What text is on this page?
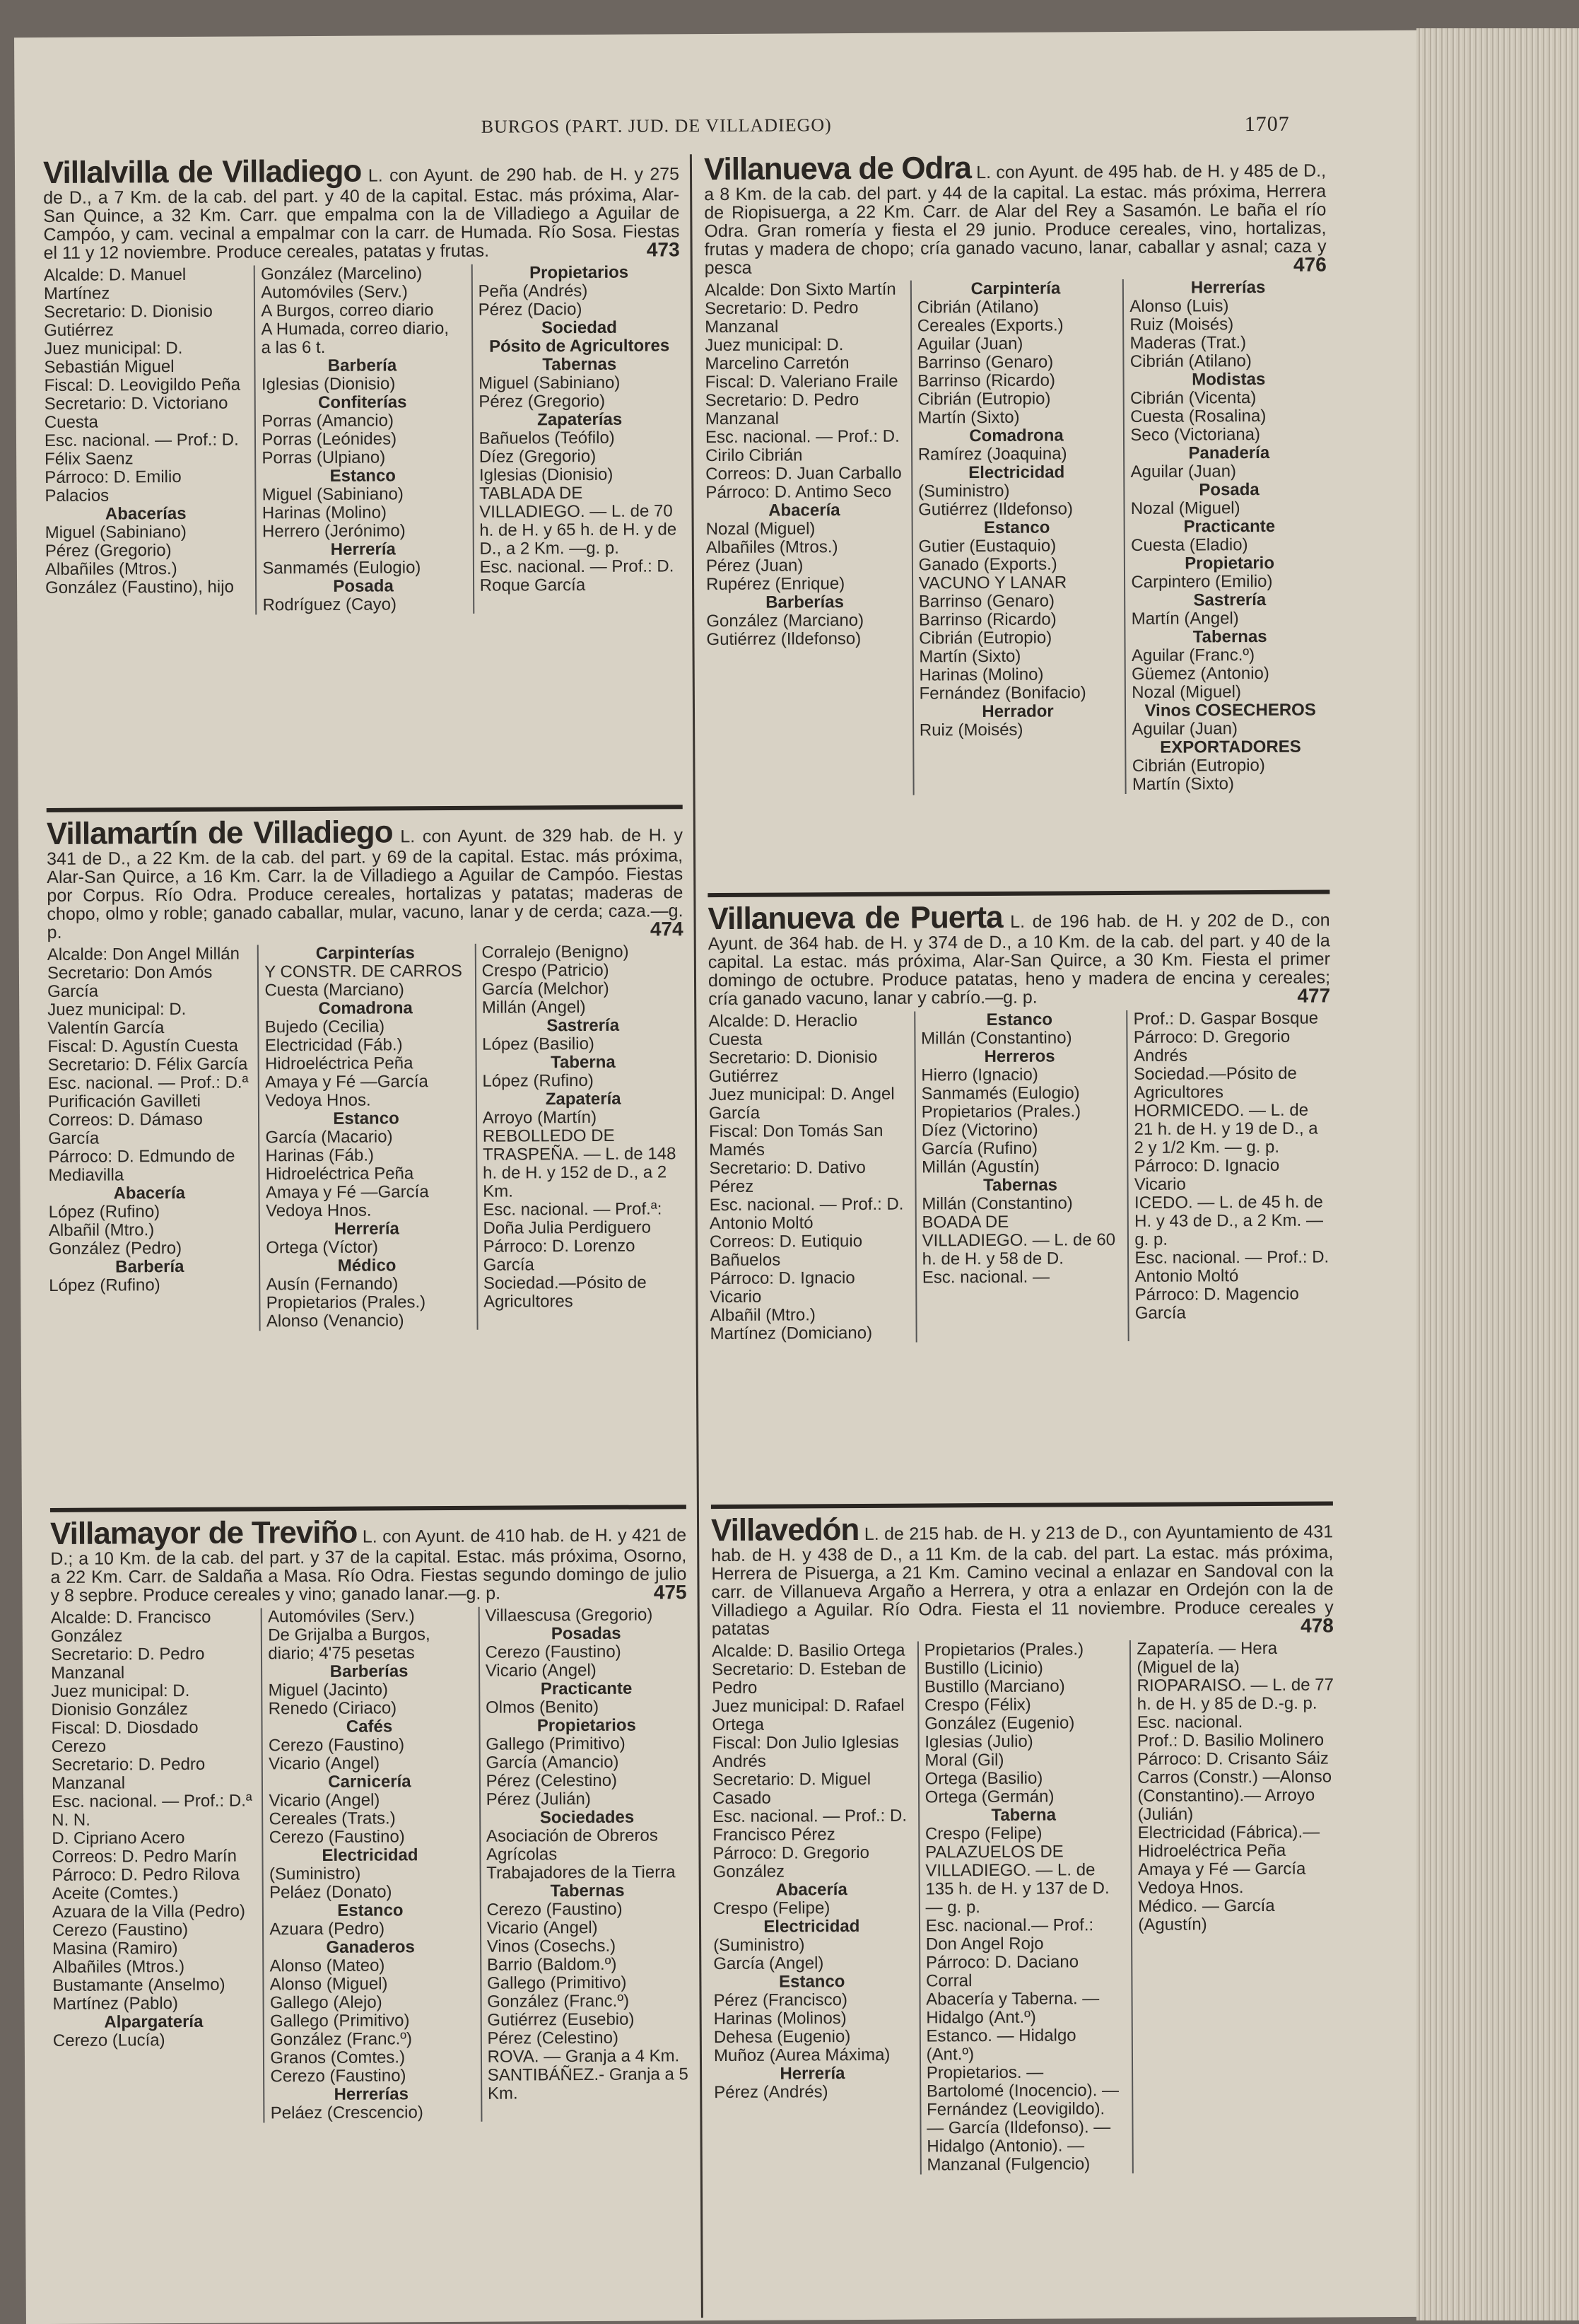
BURGOS (PART. JUD. DE VILLADIEGO)	1707
Villalvilla de Villadiego L. con Ayunt. de 290 hab. de H. y 275 de D., a 7 Km. de la cab. del part. y 40 de la capital. Estac. más próxima, Alar-San Quince, a 32 Km. Carr. que empalma con la de Villadiego a Aguilar de Campóo, y cam. vecinal a empalmar con la carr. de Humada. Río Sosa. Fiestas el 11 y 12 noviembre. Produce cereales, patatas y frutas.	473
Alcalde: D. Manuel Martínez
Secretario: D. Dionisio Gutiérrez
Juez municipal: D. Sebastián Miguel
Fiscal: D. Leovigildo Peña
Secretario: D. Victoriano Cuesta
Esc. nacional. — Prof.: D. Félix Saenz
Párroco: D. Emilio Palacios
Abacerías
Miguel (Sabiniano)
Pérez (Gregorio)
Albañiles (Mtros.)
González (Faustino), hijo
González (Marcelino)
Automóviles (Serv.)
A Burgos, correo diario
A Humada, correo diario, a las 6 t.
Barbería
Iglesias (Dionisio)
Confiterías
Porras (Amancio)
Porras (Leónides)
Porras (Ulpiano)
Estanco
Miguel (Sabiniano)
Harinas (Molino)
Herrero (Jerónimo)
Herrería
Sanmamés (Eulogio)
Posada
Rodríguez (Cayo)
Propietarios
Peña (Andrés)
Pérez (Dacio)
Sociedad
Pósito de Agricultores
Tabernas
Miguel (Sabiniano)
Pérez (Gregorio)
Zapaterías
Bañuelos (Teófilo)
Díez (Gregorio)
Iglesias (Dionisio)
TABLADA DE VILLADIEGO. — L. de 70 h. de H. y 65 h. de H. y de D., a 2 Km. —g. p.
Esc. nacional. — Prof.: D. Roque García
Villamartín de Villadiego L. con Ayunt. de 329 hab. de H. y 341 de D., a 22 Km. de la cab. del part. y 69 de la capital. Estac. más próxima, Alar-San Quirce, a 16 Km. Carr. la de Villadiego a Aguilar de Campóo. Fiestas por Corpus. Río Odra. Produce cereales, hortalizas y patatas; maderas de chopo, olmo y roble; ganado caballar, mular, vacuno, lanar y de cerda; caza.—g. p.	474
Alcalde: Don Angel Millán
Secretario: Don Amós García
Juez municipal: D. Valentín García
Fiscal: D. Agustín Cuesta
Secretario: D. Félix García
Esc. nacional. — Prof.: D.ª Purificación Gavilleti
Correos: D. Dámaso García
Párroco: D. Edmundo de Mediavilla
Abacería
López (Rufino)
Albañil (Mtro.)
González (Pedro)
Barbería
López (Rufino)
Carpinterías
Y CONSTR. DE CARROS
Cuesta (Marciano)
Comadrona
Bujedo (Cecilia)
Electricidad (Fáb.)
Hidroeléctrica Peña Amaya y Fé —García Vedoya Hnos.
Estanco
García (Macario)
Harinas (Fáb.)
Hidroeléctrica Peña Amaya y Fé —García Vedoya Hnos.
Herrería
Ortega (Víctor)
Médico
Ausín (Fernando)
Propietarios (Prales.)
Alonso (Venancio)
Corralejo (Benigno)
Crespo (Patricio)
García (Melchor)
Millán (Angel)
Sastrería
López (Basilio)
Taberna
López (Rufino)
Zapatería
Arroyo (Martín)
REBOLLEDO DE TRASPEÑA. — L. de 148 h. de H. y 152 de D., a 2 Km.
Esc. nacional. — Prof.ª: Doña Julia Perdiguero
Párroco: D. Lorenzo García
Sociedad.—Pósito de Agricultores
Villamayor de Treviño L. con Ayunt. de 410 hab. de H. y 421 de D.; a 10 Km. de la cab. del part. y 37 de la capital. Estac. más próxima, Osorno, a 22 Km. Carr. de Saldaña a Masa. Río Odra. Fiestas segundo domingo de julio y 8 sepbre. Produce cereales y vino; ganado lanar.—g. p.	475
Alcalde: D. Francisco González
Secretario: D. Pedro Manzanal
Juez municipal: D. Dionisio González
Fiscal: D. Diosdado Cerezo
Secretario: D. Pedro Manzanal
Esc. nacional. — Prof.: D.ª N. N.
D. Cipriano Acero
Correos: D. Pedro Marín
Párroco: D. Pedro Rilova
Aceite (Comtes.)
Azuara de la Villa (Pedro)
Cerezo (Faustino)
Masina (Ramiro)
Albañiles (Mtros.)
Bustamante (Anselmo)
Martínez (Pablo)
Alpargatería
Cerezo (Lucía)
Automóviles (Serv.)
De Grijalba a Burgos, diario; 4'75 pesetas
Barberías
Miguel (Jacinto)
Renedo (Ciriaco)
Cafés
Cerezo (Faustino)
Vicario (Angel)
Carnicería
Vicario (Angel)
Cereales (Trats.)
Cerezo (Faustino)
Electricidad
(Suministro)
Peláez (Donato)
Estanco
Azuara (Pedro)
Ganaderos
Alonso (Mateo)
Alonso (Miguel)
Gallego (Alejo)
Gallego (Primitivo)
González (Franc.º)
Granos (Comtes.)
Cerezo (Faustino)
Herrerías
Peláez (Crescencio)
Villaescusa (Gregorio)
Posadas
Cerezo (Faustino)
Vicario (Angel)
Practicante
Olmos (Benito)
Propietarios
Gallego (Primitivo)
García (Amancio)
Pérez (Celestino)
Pérez (Julián)
Sociedades
Asociación de Obreros Agrícolas
Trabajadores de la Tierra
Tabernas
Cerezo (Faustino)
Vicario (Angel)
Vinos (Cosechs.)
Barrio (Baldom.º)
Gallego (Primitivo)
González (Franc.º)
Gutiérrez (Eusebio)
Pérez (Celestino)
ROVA. — Granja a 4 Km.
SANTIBÁÑEZ.- Granja a 5 Km.
Villanueva de Odra L. con Ayunt. de 495 hab. de H. y 485 de D., a 8 Km. de la cab. del part. y 44 de la capital. La estac. más próxima, Herrera de Riopisuerga, a 22 Km. Carr. de Alar del Rey a Sasamón. Le baña el río Odra. Gran romería y fiesta el 29 junio. Produce cereales, vino, hortalizas, frutas y madera de chopo; cría ganado vacuno, lanar, caballar y asnal; caza y pesca	476
Alcalde: Don Sixto Martín
Secretario: D. Pedro Manzanal
Juez municipal: D. Marcelino Carretón
Fiscal: D. Valeriano Fraile
Secretario: D. Pedro Manzanal
Esc. nacional. — Prof.: D. Cirilo Cibrián
Correos: D. Juan Carballo
Párroco: D. Antimo Seco
Abacería
Nozal (Miguel)
Albañiles (Mtros.)
Pérez (Juan)
Rupérez (Enrique)
Barberías
González (Marciano)
Gutiérrez (Ildefonso)
Carpintería
Cibrián (Atilano)
Cereales (Exports.)
Aguilar (Juan)
Barrinso (Genaro)
Barrinso (Ricardo)
Cibrián (Eutropio)
Martín (Sixto)
Comadrona
Ramírez (Joaquina)
Electricidad
(Suministro)
Gutiérrez (Ildefonso)
Estanco
Gutier (Eustaquio)
Ganado (Exports.) VACUNO Y LANAR
Barrinso (Genaro)
Barrinso (Ricardo)
Cibrián (Eutropio)
Martín (Sixto)
Harinas (Molino)
Fernández (Bonifacio)
Herrador
Ruiz (Moisés)
Herrerías
Alonso (Luis)
Ruiz (Moisés)
Maderas (Trat.)
Cibrián (Atilano)
Modistas
Cibrián (Vicenta)
Cuesta (Rosalina)
Seco (Victoriana)
Panadería
Aguilar (Juan)
Posada
Nozal (Miguel)
Practicante
Cuesta (Eladio)
Propietario
Carpintero (Emilio)
Sastrería
Martín (Angel)
Tabernas
Aguilar (Franc.º)
Güemez (Antonio)
Nozal (Miguel)
Vinos COSECHEROS
Aguilar (Juan)
EXPORTADORES
Cibrián (Eutropio)
Martín (Sixto)
Villanueva de Puerta L. de 196 hab. de H. y 202 de D., con Ayunt. de 364 hab. de H. y 374 de D., a 10 Km. de la cab. del part. y 40 de la capital. La estac. más próxima, Alar-San Quirce, a 30 Km. Fiesta el primer domingo de octubre. Produce patatas, heno y madera de encina y cereales; cría ganado vacuno, lanar y cabrío.—g. p.	477
Alcalde: D. Heraclio Cuesta
Secretario: D. Dionisio Gutiérrez
Juez municipal: D. Angel García
Fiscal: Don Tomás San Mamés
Secretario: D. Dativo Pérez
Esc. nacional. — Prof.: D. Antonio Moltó
Correos: D. Eutiquio Bañuelos
Párroco: D. Ignacio Vicario
Albañil (Mtro.)
Martínez (Domiciano)
Estanco
Millán (Constantino)
Herreros
Hierro (Ignacio)
Sanmamés (Eulogio)
Propietarios (Prales.)
Díez (Victorino)
García (Rufino)
Millán (Agustín)
Tabernas
Millán (Constantino)
BOADA DE VILLADIEGO. — L. de 60 h. de H. y 58 de D.
Esc. nacional. —
Prof.: D. Gaspar Bosque
Párroco: D. Gregorio Andrés
Sociedad.—Pósito de Agricultores
HORMICEDO. — L. de 21 h. de H. y 19 de D., a 2 y 1/2 Km. — g. p.
Párroco: D. Ignacio Vicario
ICEDO. — L. de 45 h. de H. y 43 de D., a 2 Km. — g. p.
Esc. nacional. — Prof.: D. Antonio Moltó
Párroco: D. Magencio García
Villavedón L. de 215 hab. de H. y 213 de D., con Ayuntamiento de 431 hab. de H. y 438 de D., a 11 Km. de la cab. del part. La estac. más próxima, Herrera de Pisuerga, a 21 Km. Camino vecinal a enlazar en Sandoval con la carr. de Villanueva Argaño a Herrera, y otra a enlazar en Ordejón con la de Villadiego a Aguilar. Río Odra. Fiesta el 11 noviembre. Produce cereales y patatas	478
Alcalde: D. Basilio Ortega
Secretario: D. Esteban de Pedro
Juez municipal: D. Rafael Ortega
Fiscal: Don Julio Iglesias Andrés
Secretario: D. Miguel Casado
Esc. nacional. — Prof.: D. Francisco Pérez
Párroco: D. Gregorio González
Abacería
Crespo (Felipe)
Electricidad
(Suministro)
García (Angel)
Estanco
Pérez (Francisco)
Harinas (Molinos)
Dehesa (Eugenio)
Muñoz (Aurea Máxima)
Herrería
Pérez (Andrés)
Propietarios (Prales.)
Bustillo (Licinio)
Bustillo (Marciano)
Crespo (Félix)
González (Eugenio)
Iglesias (Julio)
Moral (Gil)
Ortega (Basilio)
Ortega (Germán)
Taberna
Crespo (Felipe)
PALAZUELOS DE VILLADIEGO. — L. de 135 h. de H. y 137 de D. — g. p.
Esc. nacional.— Prof.: Don Angel Rojo
Párroco: D. Daciano Corral
Abacería y Taberna. — Hidalgo (Ant.º)
Estanco. — Hidalgo (Ant.º)
Propietarios. — Bartolomé (Inocencio). — Fernández (Leovigildo). — García (Ildefonso). — Hidalgo (Antonio). — Manzanal (Fulgencio)
Zapatería. — Hera (Miguel de la)
RIOPARAISO. — L. de 77 h. de H. y 85 de D.-g. p.
Esc. nacional.
Prof.: D. Basilio Molinero
Párroco: D. Crisanto Sáiz
Carros (Constr.) —Alonso (Constantino).— Arroyo (Julián)
Electricidad (Fábrica).—Hidroeléctrica Peña Amaya y Fé — García Vedoya Hnos.
Médico. — García (Agustín)
